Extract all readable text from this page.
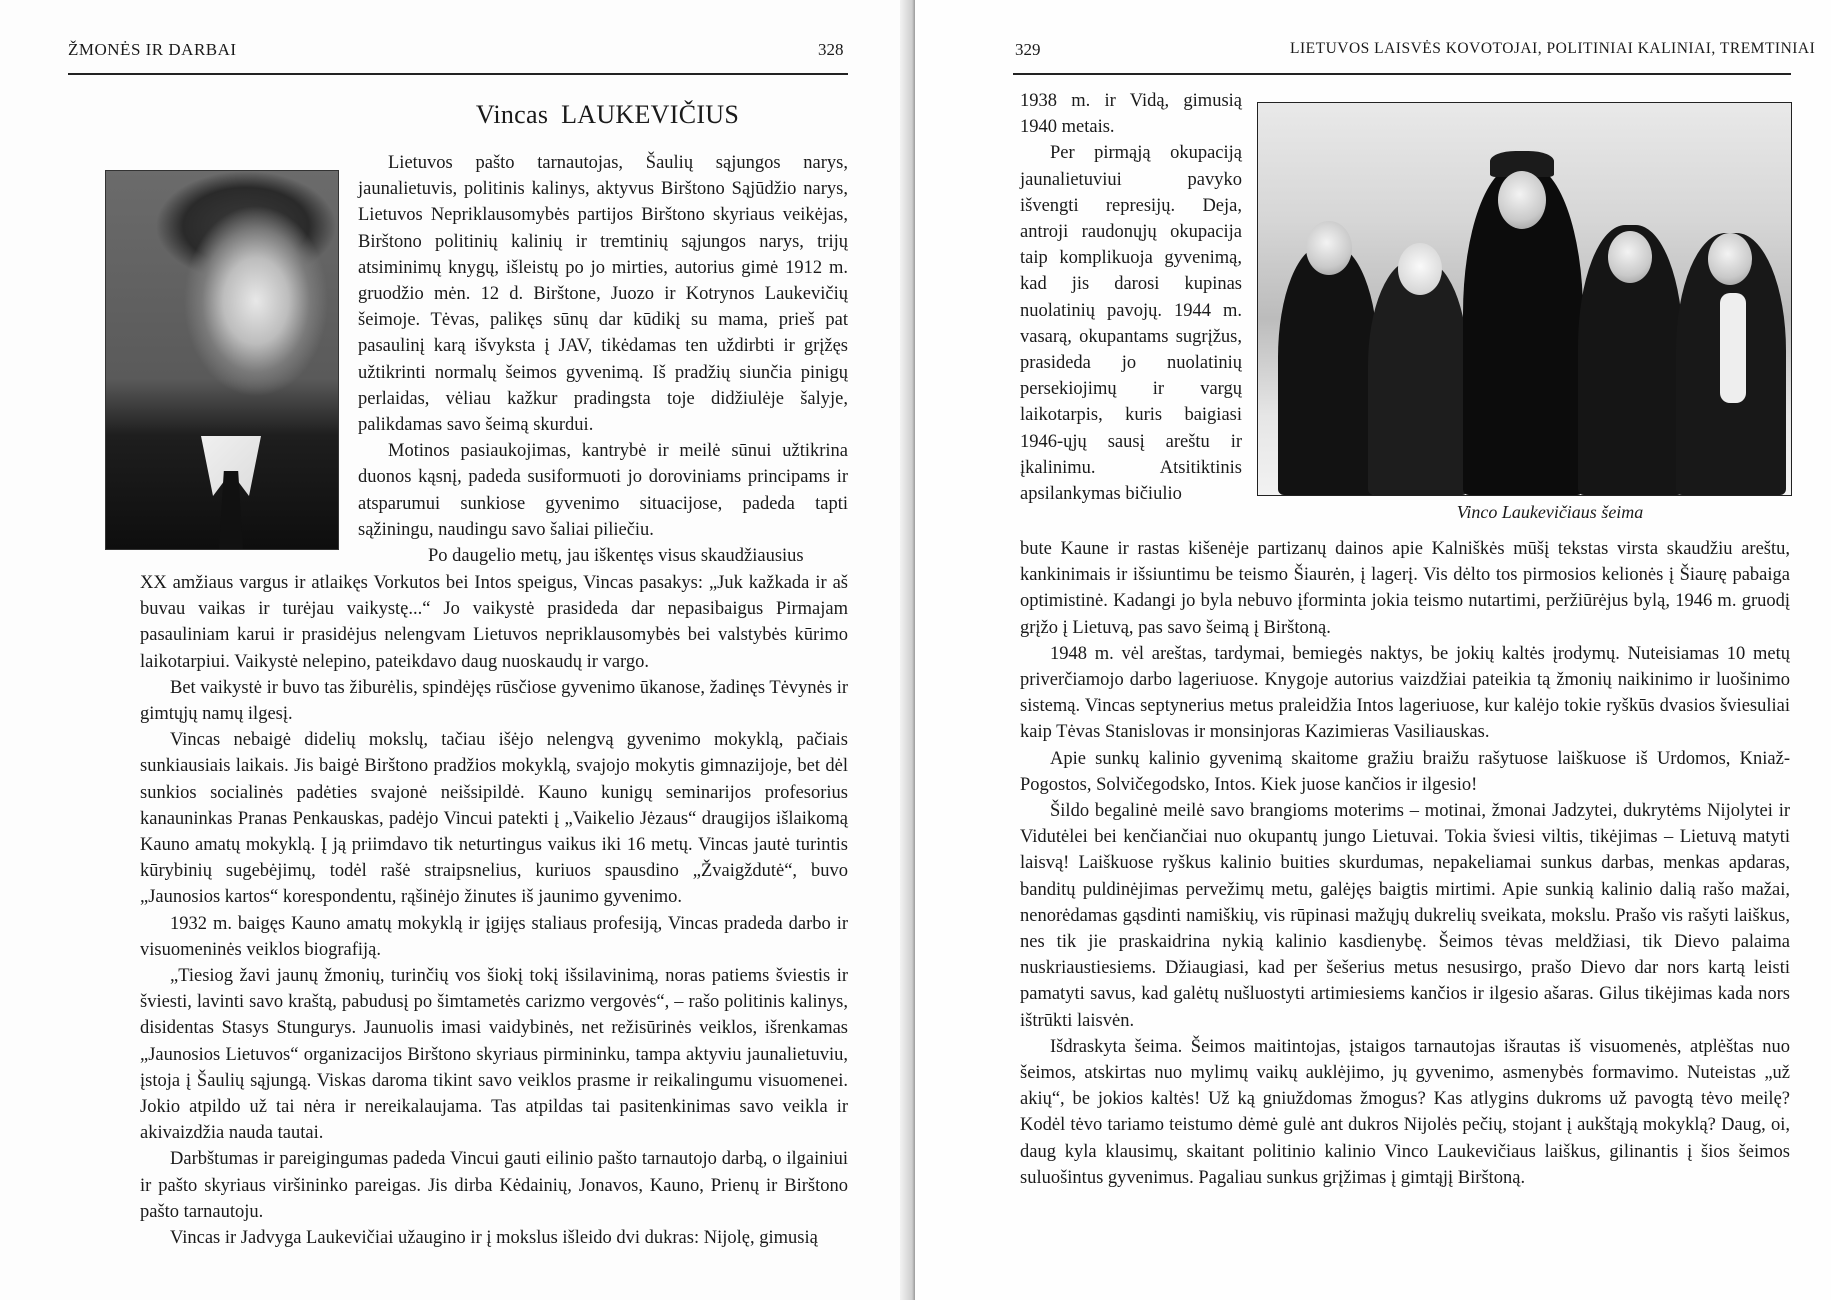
ŽMONĖS IR DARBAI	328
Vincas LAUKEVIČIUS

Lietuvos pašto tarnautojas, Šaulių sąjungos narys, jaunalietuvis, politinis kalinys, aktyvus Birštono Sąjūdžio narys, Lietuvos Nepriklausomybės partijos Birštono skyriaus veikėjas, Birštono politinių kalinių ir tremtinių sąjungos narys, trijų atsiminimų knygų, išleistų po jo mirties, autorius gimė 1912 m. gruodžio mėn. 12 d. Birštone, Juozo ir Kotrynos Laukevičių šeimoje. Tėvas, palikęs sūnų dar kūdikį su mama, prieš pat pasaulinį karą išvyksta į JAV, tikėdamas ten uždirbti ir grįžęs užtikrinti normalų šeimos gyvenimą. Iš pradžių siunčia pinigų perlaidas, vėliau kažkur pradingsta toje didžiulėje šalyje, palikdamas savo šeimą skurdui.

Motinos pasiaukojimas, kantrybė ir meilė sūnui užtikrina duonos kąsnį, padeda susiformuoti jo doroviniams principams ir atsparumui sunkiose gyvenimo situacijose, padeda tapti sąžiningu, naudingu savo šaliai piliečiu.

Po daugelio metų, jau iškentęs visus skaudžiausius

XX amžiaus vargus ir atlaikęs Vorkutos bei Intos speigus, Vincas pasakys: „Juk kažkada ir aš buvau vaikas ir turėjau vaikystę...“ Jo vaikystė prasideda dar nepasibaigus Pirmajam pasauliniam karui ir prasidėjus nelengvam Lietuvos nepriklausomybės bei valstybės kūrimo laikotarpiui. Vaikystė nelepino, pateikdavo daug nuoskaudų ir vargo.

Bet vaikystė ir buvo tas žiburėlis, spindėjęs rūsčiose gyvenimo ūkanose, žadinęs Tėvynės ir gimtųjų namų ilgesį.

Vincas nebaigė didelių mokslų, tačiau išėjo nelengvą gyvenimo mokyklą, pačiais sunkiausiais laikais. Jis baigė Birštono pradžios mokyklą, svajojo mokytis gimnazijoje, bet dėl sunkios socialinės padėties svajonė neišsipildė. Kauno kunigų seminarijos profesorius kanauninkas Pranas Penkauskas, padėjo Vincui patekti į „Vaikelio Jėzaus“ draugijos išlaikomą Kauno amatų mokyklą. Į ją priimdavo tik neturtingus vaikus iki 16 metų. Vincas jautė turintis kūrybinių sugebėjimų, todėl rašė straipsnelius, kuriuos spausdino „Žvaigždutė“, buvo „Jaunosios kartos“ korespondentu, rąšinėjo žinutes iš jaunimo gyvenimo.

1932 m. baigęs Kauno amatų mokyklą ir įgijęs staliaus profesiją, Vincas pradeda darbo ir visuomeninės veiklos biografiją.

„Tiesiog žavi jaunų žmonių, turinčių vos šiokį tokį išsilavinimą, noras patiems šviestis ir šviesti, lavinti savo kraštą, pabudusį po šimtametės carizmo vergovės“, – rašo politinis kalinys, disidentas Stasys Stungurys. Jaunuolis imasi vaidybinės, net režisūrinės veiklos, išrenkamas „Jaunosios Lietuvos“ organizacijos Birštono skyriaus pirmininku, tampa aktyviu jaunalietuviu, įstoja į Šaulių sąjungą. Viskas daroma tikint savo veiklos prasme ir reikalingumu visuomenei. Jokio atpildo už tai nėra ir nereikalaujama. Tas atpildas tai pasitenkinimas savo veikla ir akivaizdžia nauda tautai.

Darbštumas ir pareigingumas padeda Vincui gauti eilinio pašto tarnautojo darbą, o ilgainiui ir pašto skyriaus viršininko pareigas. Jis dirba Kėdainių, Jonavos, Kauno, Prienų ir Birštono pašto tarnautoju.

Vincas ir Jadvyga Laukevičiai užaugino ir į mokslus išleido dvi dukras: Nijolę, gimusią

329	LIETUVOS LAISVĖS KOVOTOJAI, POLITINIAI KALINIAI, TREMTINIAI
Vinco Laukevičiaus šeima

1938 m. ir Vidą, gimusią 1940 metais.

Per pirmąją okupaciją jaunalietuviui pavyko išvengti represijų. Deja, antroji raudonųjų okupacija taip komplikuoja gyvenimą, kad jis darosi kupinas nuolatinių pavojų. 1944 m. vasarą, okupantams sugrįžus, prasideda jo nuolatinių persekiojimų ir vargų laikotarpis, kuris baigiasi 1946-ųjų sausį areštu ir įkalinimu. Atsitiktinis apsilankymas bičiulio

bute Kaune ir rastas kišenėje partizanų dainos apie Kalniškės mūšį tekstas virsta skaudžiu areštu, kankinimais ir išsiuntimu be teismo Šiaurėn, į lagerį. Vis dėlto tos pirmosios kelionės į Šiaurę pabaiga optimistinė. Kadangi jo byla nebuvo įforminta jokia teismo nutartimi, peržiūrėjus bylą, 1946 m. gruodį grįžo į Lietuvą, pas savo šeimą į Birštoną.

1948 m. vėl areštas, tardymai, bemiegės naktys, be jokių kaltės įrodymų. Nuteisiamas 10 metų priverčiamojo darbo lageriuose. Knygoje autorius vaizdžiai pateikia tą žmonių naikinimo ir luošinimo sistemą. Vincas septynerius metus praleidžia Intos lageriuose, kur kalėjo tokie ryškūs dvasios šviesuliai kaip Tėvas Stanislovas ir monsinjoras Kazimieras Vasiliauskas.

Apie sunkų kalinio gyvenimą skaitome gražiu braižu rašytuose laiškuose iš Urdomos, Kniaž-Pogostos, Solvičegodsko, Intos. Kiek juose kančios ir ilgesio!

Šildo begalinė meilė savo brangioms moterims – motinai, žmonai Jadzytei, dukrytėms Nijolytei ir Vidutėlei bei kenčiančiai nuo okupantų jungo Lietuvai. Tokia šviesi viltis, tikėjimas – Lietuvą matyti laisvą! Laiškuose ryškus kalinio buities skurdumas, nepakeliamai sunkus darbas, menkas apdaras, banditų puldinėjimas pervežimų metu, galėjęs baigtis mirtimi. Apie sunkią kalinio dalią rašo mažai, nenorėdamas gąsdinti namiškių, vis rūpinasi mažųjų dukrelių sveikata, mokslu. Prašo vis rašyti laiškus, nes tik jie praskaidrina nykią kalinio kasdienybę. Šeimos tėvas meldžiasi, tik Dievo palaima nuskriaustiesiems. Džiaugiasi, kad per šešerius metus nesusirgo, prašo Dievo dar nors kartą leisti pamatyti savus, kad galėtų nušluostyti artimiesiems kančios ir ilgesio ašaras. Gilus tikėjimas kada nors ištrūkti laisvėn.

Išdraskyta šeima. Šeimos maitintojas, įstaigos tarnautojas išrautas iš visuomenės, atplėštas nuo šeimos, atskirtas nuo mylimų vaikų auklėjimo, jų gyvenimo, asmenybės formavimo. Nuteistas „už akių“, be jokios kaltės! Už ką gniuždomas žmogus? Kas atlygins dukroms už pavogtą tėvo meilę? Kodėl tėvo tariamo teistumo dėmė gulė ant dukros Nijolės pečių, stojant į aukštąją mokyklą? Daug, oi, daug kyla klausimų, skaitant politinio kalinio Vinco Laukevičiaus laiškus, gilinantis į šios šeimos suluošintus gyvenimus. Pagaliau sunkus grįžimas į gimtąjį Birštoną.
